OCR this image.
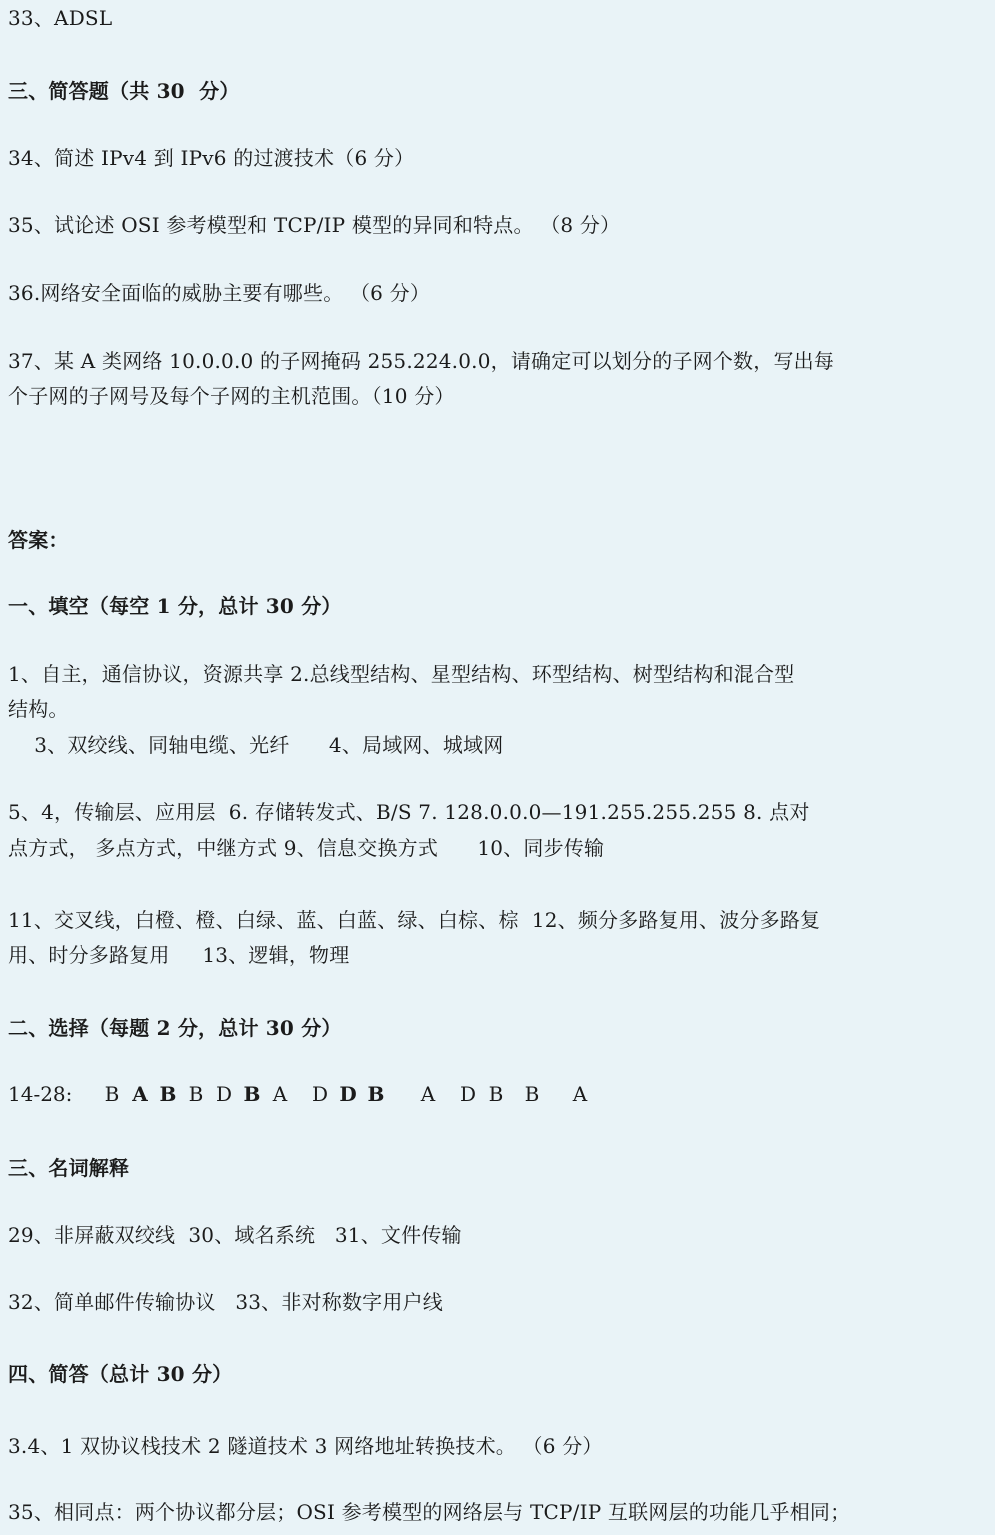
33、ADSL
三、简答题（共 30  分）
34、简述 IPv4 到 IPv6 的过渡技术（6 分）
35、试论述 OSI 参考模型和 TCP/IP 模型的异同和特点。 （8 分）
36.网络安全面临的威胁主要有哪些。 （6 分）
37、某 A 类网络 10.0.0.0 的子网掩码 255.224.0.0，请确定可以划分的子网个数，写出每
个子网的子网号及每个子网的主机范围。（10 分）
答案：
一、填空（每空 1 分，总计 30 分）
1、自主，通信协议，资源共享 2.总线型结构、星型结构、环型结构、树型结构和混合型
结构。
3、双绞线、同轴电缆、光纤      4、局域网、城域网
5、4，传输层、应用层  6. 存储转发式、B/S 7. 128.0.0.0—191.255.255.255 8. 点对
点方式， 多点方式，中继方式 9、信息交换方式      10、同步传输
11、交叉线，白橙、橙、白绿、蓝、白蓝、绿、白棕、棕  12、频分多路复用、波分多路复
用、时分多路复用     13、逻辑，物理
二、选择（每题 2 分，总计 30 分）
14-28:	B A B B D B A	D D B	A	D B	B	A
三、名词解释
29、非屏蔽双绞线  30、域名系统   31、文件传输
32、简单邮件传输协议   33、非对称数字用户线
四、简答（总计 30 分）
3.4、1 双协议栈技术 2 隧道技术 3 网络地址转换技术。 （6 分）
35、相同点：两个协议都分层；OSI 参考模型的网络层与 TCP/IP 互联网层的功能几乎相同；
